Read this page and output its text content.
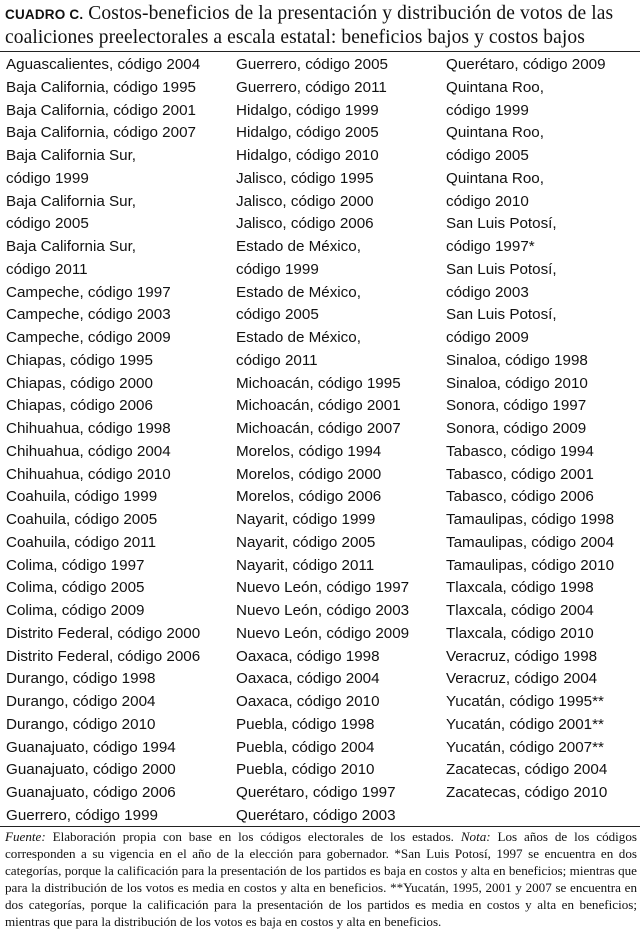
CUADRO C. Costos-beneficios de la presentación y distribución de votos de las coaliciones preelectorales a escala estatal: beneficios bajos y costos bajos
Aguascalientes, código 2004
Baja California, código 1995
Baja California, código 2001
Baja California, código 2007
Baja California Sur,
código 1999
Baja California Sur,
código 2005
Baja California Sur,
código 2011
Campeche, código 1997
Campeche, código 2003
Campeche, código 2009
Chiapas, código 1995
Chiapas, código 2000
Chiapas, código 2006
Chihuahua, código 1998
Chihuahua, código 2004
Chihuahua, código 2010
Coahuila, código 1999
Coahuila, código 2005
Coahuila, código 2011
Colima, código 1997
Colima, código 2005
Colima, código 2009
Distrito Federal, código 2000
Distrito Federal, código 2006
Durango, código 1998
Durango, código 2004
Durango, código 2010
Guanajuato, código 1994
Guanajuato, código 2000
Guanajuato, código 2006
Guerrero, código 1999
Guerrero, código 2005
Guerrero, código 2011
Hidalgo, código 1999
Hidalgo, código 2005
Hidalgo, código 2010
Jalisco, código 1995
Jalisco, código 2000
Jalisco, código 2006
Estado de México,
código 1999
Estado de México,
código 2005
Estado de México,
código 2011
Michoacán, código 1995
Michoacán, código 2001
Michoacán, código 2007
Morelos, código 1994
Morelos, código 2000
Morelos, código 2006
Nayarit, código 1999
Nayarit, código 2005
Nayarit, código 2011
Nuevo León, código 1997
Nuevo León, código 2003
Nuevo León, código 2009
Oaxaca, código 1998
Oaxaca, código 2004
Oaxaca, código 2010
Puebla, código 1998
Puebla, código 2004
Puebla, código 2010
Querétaro, código 1997
Querétaro, código 2003
Querétaro, código 2009
Quintana Roo,
código 1999
Quintana Roo,
código 2005
Quintana Roo,
código 2010
San Luis Potosí,
código 1997*
San Luis Potosí,
código 2003
San Luis Potosí,
código 2009
Sinaloa, código 1998
Sinaloa, código 2010
Sonora, código 1997
Sonora, código 2009
Tabasco, código 1994
Tabasco, código 2001
Tabasco, código 2006
Tamaulipas, código 1998
Tamaulipas, código 2004
Tamaulipas, código 2010
Tlaxcala, código 1998
Tlaxcala, código 2004
Tlaxcala, código 2010
Veracruz, código 1998
Veracruz, código 2004
Yucatán, código 1995**
Yucatán, código 2001**
Yucatán, código 2007**
Zacatecas, código 2004
Zacatecas, código 2010
Fuente: Elaboración propia con base en los códigos electorales de los estados. Nota: Los años de los códigos corresponden a su vigencia en el año de la elección para gobernador. *San Luis Potosí, 1997 se encuentra en dos categorías, porque la calificación para la presentación de los partidos es baja en costos y alta en beneficios; mientras que para la distribución de los votos es media en costos y alta en beneficios. **Yucatán, 1995, 2001 y 2007 se encuentra en dos categorías, porque la calificación para la presentación de los partidos es media en costos y alta en beneficios; mientras que para la distribución de los votos es baja en costos y alta en beneficios.
